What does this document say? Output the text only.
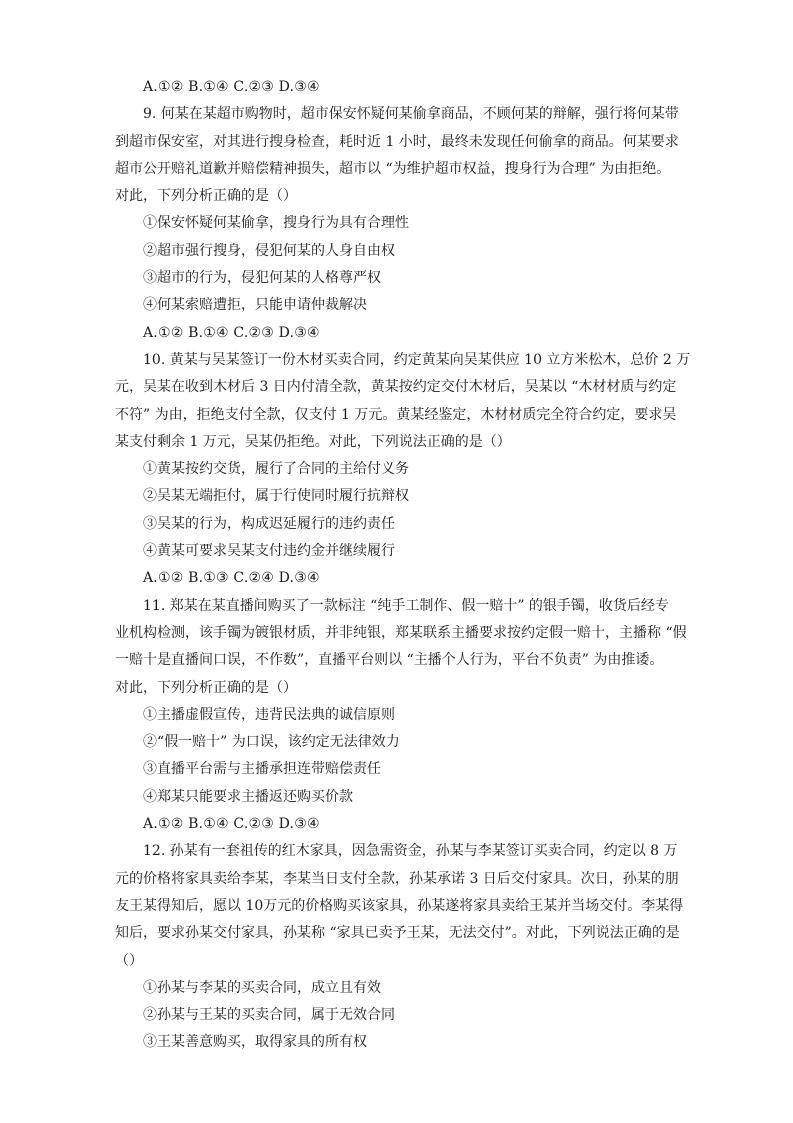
A.①② B.①④ C.②③ D.③④
9. 何某在某超市购物时，超市保安怀疑何某偷拿商品，不顾何某的辩解，强行将何某带
到超市保安室，对其进行搜身检查，耗时近 1 小时，最终未发现任何偷拿的商品。何某要求
超市公开赔礼道歉并赔偿精神损失，超市以 “为维护超市权益，搜身行为合理” 为由拒绝。
对此，下列分析正确的是（）
①保安怀疑何某偷拿，搜身行为具有合理性
②超市强行搜身，侵犯何某的人身自由权
③超市的行为，侵犯何某的人格尊严权
④何某索赔遭拒，只能申请仲裁解决
A.①② B.①④ C.②③ D.③④
10. 黄某与吴某签订一份木材买卖合同，约定黄某向吴某供应 10 立方米松木，总价 2 万
元，吴某在收到木材后 3 日内付清全款，黄某按约定交付木材后，吴某以 “木材材质与约定
不符” 为由，拒绝支付全款，仅支付 1 万元。黄某经鉴定，木材材质完全符合约定，要求吴
某支付剩余 1 万元，吴某仍拒绝。对此，下列说法正确的是（）
①黄某按约交货，履行了合同的主给付义务
②吴某无端拒付，属于行使同时履行抗辩权
③吴某的行为，构成迟延履行的违约责任
④黄某可要求吴某支付违约金并继续履行
A.①② B.①③ C.②④ D.③④
11. 郑某在某直播间购买了一款标注 “纯手工制作、假一赔十” 的银手镯，收货后经专
业机构检测，该手镯为镀银材质，并非纯银，郑某联系主播要求按约定假一赔十，主播称 “假
一赔十是直播间口误，不作数”，直播平台则以 “主播个人行为，平台不负责” 为由推诿。
对此，下列分析正确的是（）
①主播虚假宣传，违背民法典的诚信原则
②“假一赔十” 为口误，该约定无法律效力
③直播平台需与主播承担连带赔偿责任
④郑某只能要求主播返还购买价款
A.①② B.①④ C.②③ D.③④
12. 孙某有一套祖传的红木家具，因急需资金，孙某与李某签订买卖合同，约定以 8 万
元的价格将家具卖给李某，李某当日支付全款，孙某承诺 3 日后交付家具。次日，孙某的朋
友王某得知后，愿以 10万元的价格购买该家具，孙某遂将家具卖给王某并当场交付。李某得
知后，要求孙某交付家具，孙某称 “家具已卖予王某，无法交付”。对此，下列说法正确的是
（）
①孙某与李某的买卖合同，成立且有效
②孙某与王某的买卖合同，属于无效合同
③王某善意购买，取得家具的所有权
